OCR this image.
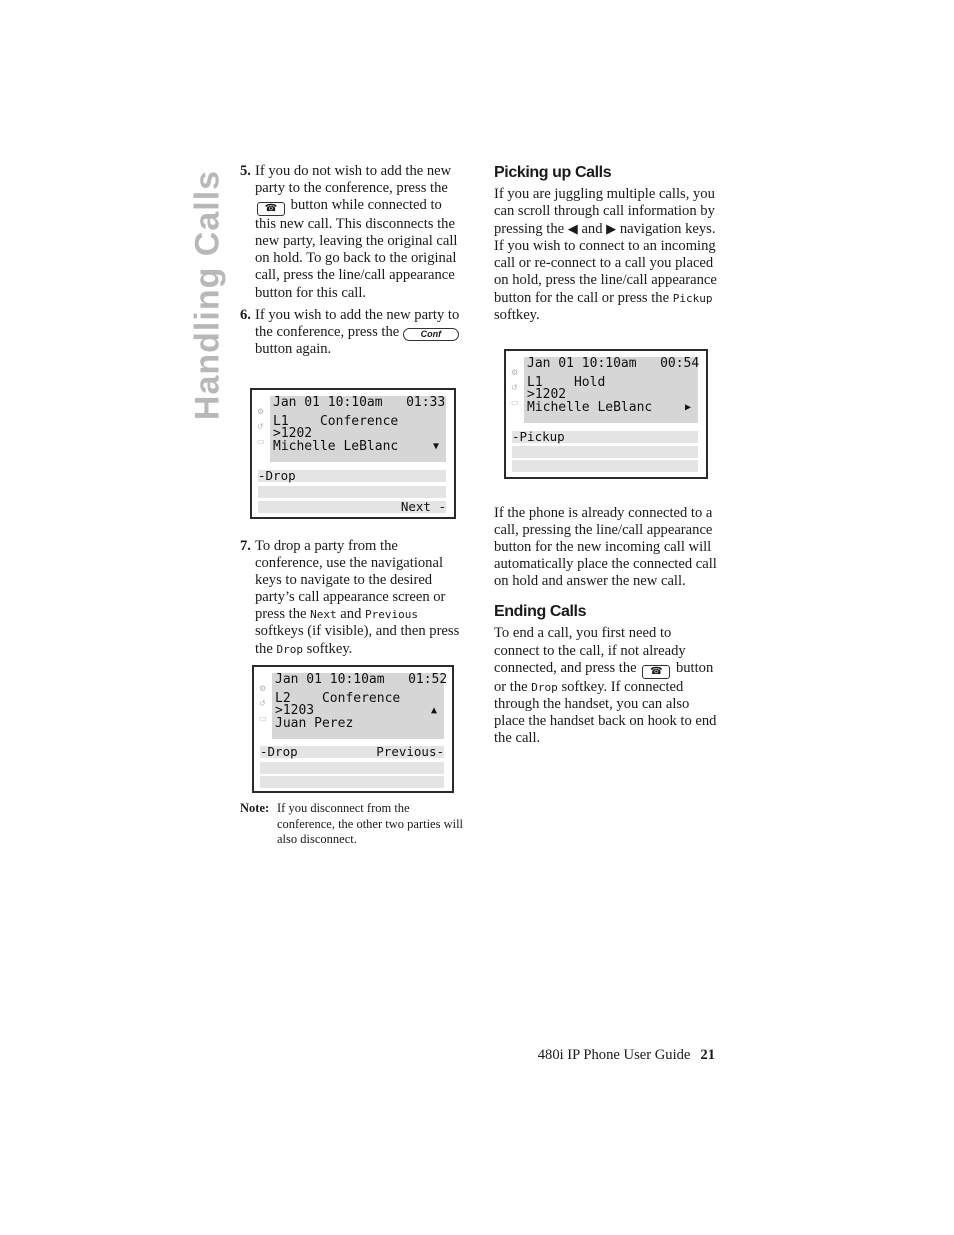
Handling Calls 5. If you do not wish to add the new party to the conference, press the ☎ button while connected to this new call. This disconnects the new party, leaving the original call on hold. To go back to the original call, press the line/call appearance button for this call.
6. If you wish to add the new party to the conference, press the Conf button again.
⚙
↺
▭
Jan 01 10:10am 01:33
L1 Conference
>1202
Michelle LeBlanc	▼
-Drop
Next -
7. To drop a party from the conference, use the navigational keys to navigate to the desired party’s call appearance screen or press the Next and Previous softkeys (if visible), and then press the Drop softkey.
⚙
↺
▭
Jan 01 10:10am 01:52
L2 Conference
>1203	▲
Juan Perez
-Drop	Previous-
Note: If you disconnect from the conference, the other two parties will also disconnect.
Picking up Calls

If you are juggling multiple calls, you can scroll through call information by pressing the ◀ and ▶ navigation keys. If you wish to connect to an incoming call or re-connect to a call you placed on hold, press the line/call appearance button for the call or press the Pickup softkey.

⚙
↺
▭
Jan 01 10:10am 00:54
L1 Hold
>1202
Michelle LeBlanc	▶
-Pickup

If the phone is already connected to a call, pressing the line/call appearance button for the new incoming call will automatically place the connected call on hold and answer the new call.

Ending Calls

To end a call, you first need to connect to the call, if not already connected, and press the ☎ button or the Drop softkey. If connected through the handset, you can also place the handset back on hook to end the call.

480i IP Phone User Guide 21
